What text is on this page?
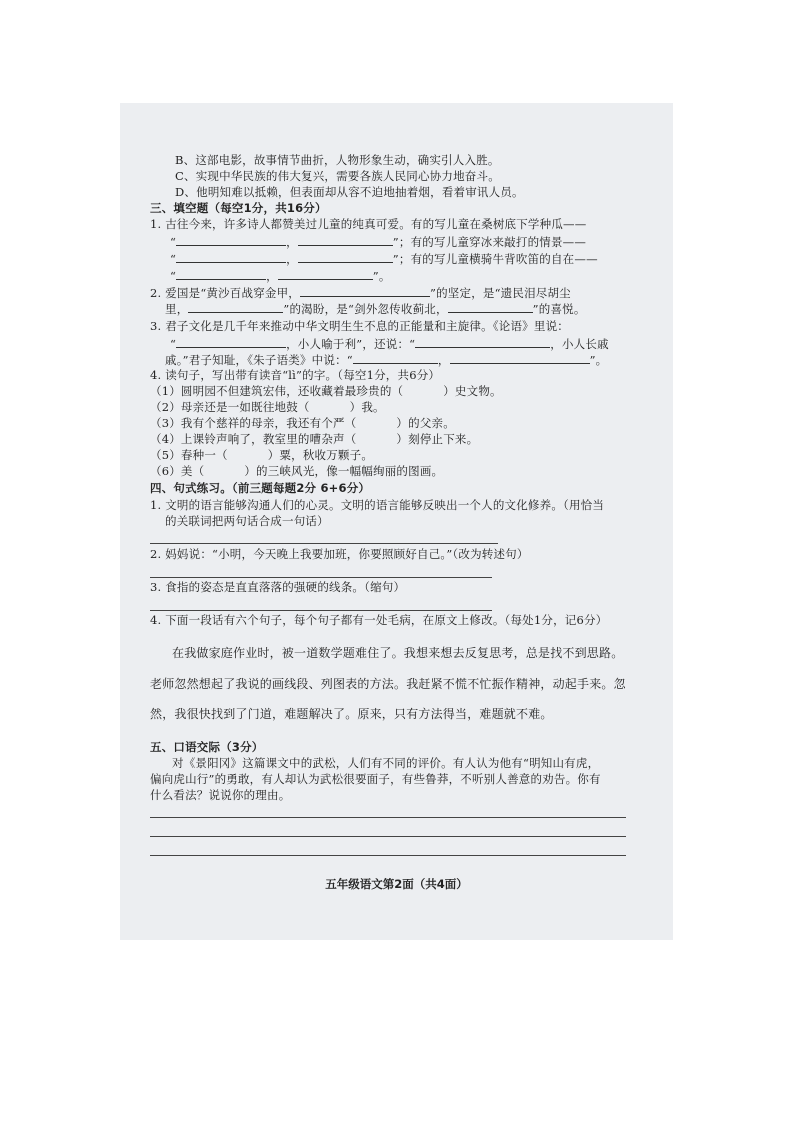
B、这部电影，故事情节曲折，人物形象生动，确实引人入胜。
C、实现中华民族的伟大复兴，需要各族人民同心协力地奋斗。
D、他明知难以抵赖，但表面却从容不迫地抽着烟，看着审讯人员。
三、填空题（每空1分，共16分）
1. 古往今来，许多诗人都赞美过儿童的纯真可爱。有的写儿童在桑树底下学种瓜——
“	，	”；有的写儿童穿冰来敲打的情景——
“	，	”；有的写儿童横骑牛背吹笛的自在——
“	，	”。
2. 爱国是“黄沙百战穿金甲，	”的坚定，是“遗民泪尽胡尘
里，	”的渴盼，是“剑外忽传收蓟北，	”的喜悦。
3. 君子文化是几千年来推动中华文明生生不息的正能量和主旋律。《论语》里说：
“	，小人喻于利”，还说：“	，小人长戚
戚。”君子知耻，《朱子语类》中说：“	，	”。
4. 读句子，写出带有读音“lì”的字。（每空1分，共6分）
（1）圆明园不但建筑宏伟，还收藏着最珍贵的（	）史文物。
（2）母亲还是一如既往地鼓（	）我。
（3）我有个慈祥的母亲，我还有个严（	）的父亲。
（4）上课铃声响了，教室里的嘈杂声（	）刻停止下来。
（5）春种一（	）粟，秋收万颗子。
（6）美（	）的三峡风光，像一幅幅绚丽的图画。
四、句式练习。（前三题每题2分 6+6分）
1. 文明的语言能够沟通人们的心灵。文明的语言能够反映出一个人的文化修养。（用恰当
的关联词把两句话合成一句话）
2. 妈妈说：“小明，今天晚上我要加班，你要照顾好自己。”（改为转述句）
3. 食指的姿态是直直落落的强硬的线条。（缩句）
4. 下面一段话有六个句子，每个句子都有一处毛病，在原文上修改。（每处1分，记6分）
在我做家庭作业时，被一道数学题难住了。我想来想去反复思考，总是找不到思路。
老师忽然想起了我说的画线段、列图表的方法。我赶紧不慌不忙振作精神，动起手来。忽
然，我很快找到了门道，难题解决了。原来，只有方法得当，难题就不难。
五、口语交际（3分）
对《景阳冈》这篇课文中的武松，人们有不同的评价。有人认为他有“明知山有虎，
偏向虎山行”的勇敢，有人却认为武松很要面子，有些鲁莽，不听别人善意的劝告。你有
什么看法？说说你的理由。
五年级语文第2面（共4面）
